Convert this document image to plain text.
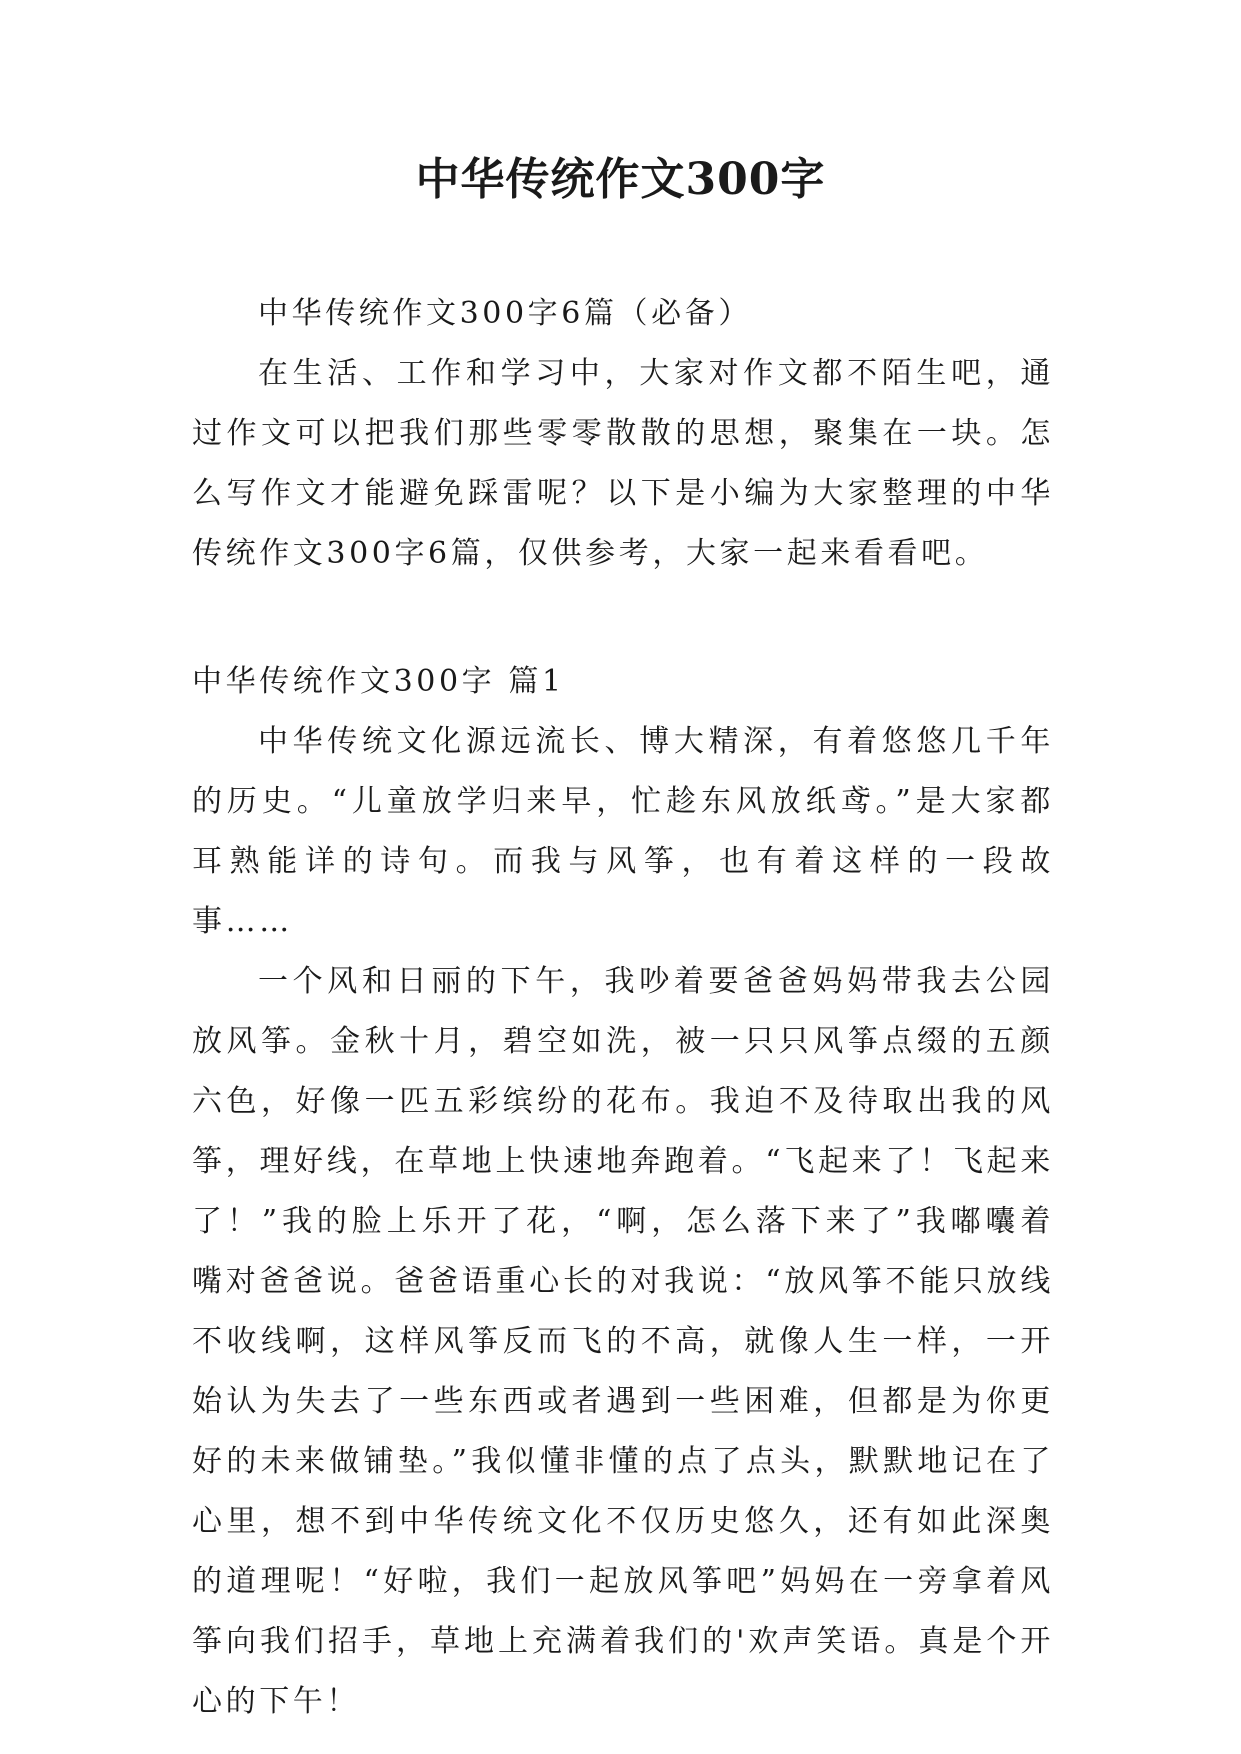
中华传统作文300字

中华传统作文300字6篇（必备）

在生活、工作和学习中，大家对作文都不陌生吧，通过作文可以把我们那些零零散散的思想，聚集在一块。怎么写作文才能避免踩雷呢？以下是小编为大家整理的中华传统作文300字6篇，仅供参考，大家一起来看看吧。

中华传统作文300字 篇1

中华传统文化源远流长、博大精深，有着悠悠几千年的历史。“儿童放学归来早，忙趁东风放纸鸢。”是大家都耳熟能详的诗句。而我与风筝，也有着这样的一段故事……

一个风和日丽的下午，我吵着要爸爸妈妈带我去公园放风筝。金秋十月，碧空如洗，被一只只风筝点缀的五颜六色，好像一匹五彩缤纷的花布。我迫不及待取出我的风筝，理好线，在草地上快速地奔跑着。“飞起来了！飞起来了！”我的脸上乐开了花，“啊，怎么落下来了”我嘟囔着嘴对爸爸说。爸爸语重心长的对我说：“放风筝不能只放线不收线啊，这样风筝反而飞的不高，就像人生一样，一开始认为失去了一些东西或者遇到一些困难，但都是为你更好的未来做铺垫。”我似懂非懂的点了点头，默默地记在了心里，想不到中华传统文化不仅历史悠久，还有如此深奥的道理呢！“好啦，我们一起放风筝吧”妈妈在一旁拿着风筝向我们招手，草地上充满着我们的'欢声笑语。真是个开心的下午！
